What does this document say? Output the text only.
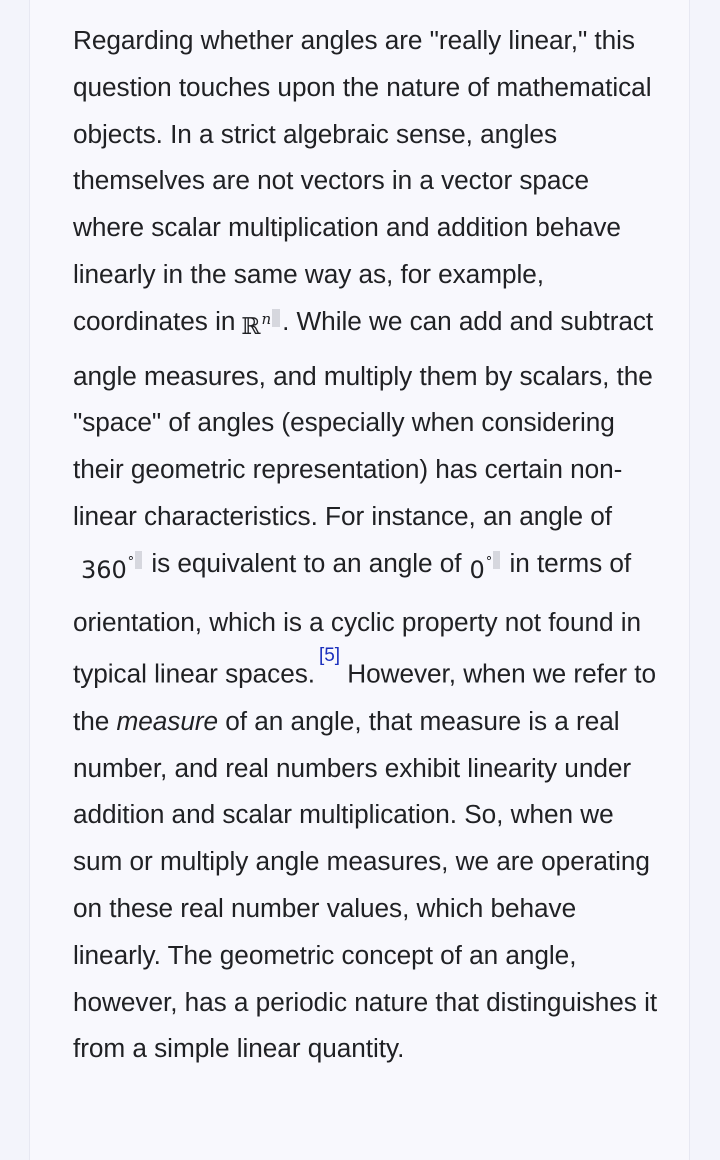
Regarding whether angles are "really linear," this question touches upon the nature of mathematical objects. In a strict algebraic sense, angles themselves are not vectors in a vector space where scalar multiplication and addition behave linearly in the same way as, for example, coordinates in ℝ$^n$ . While we can add and subtract angle measures, and multiply them by scalars, the "space" of angles (especially when considering their geometric representation) has certain non-linear characteristics. For instance, an angle of360° is equivalent to an angle of 0° in terms of orientation, which is a cyclic property not found in typical linear spaces.[5] However, when we refer to the measure of an angle, that measure is a real number, and real numbers exhibit linearity under addition and scalar multiplication. So, when we sum or multiply angle measures, we are operating on these real number values, which behave linearly. The geometric concept of an angle, however, has a periodic nature that distinguishes it from a simple linear quantity.
